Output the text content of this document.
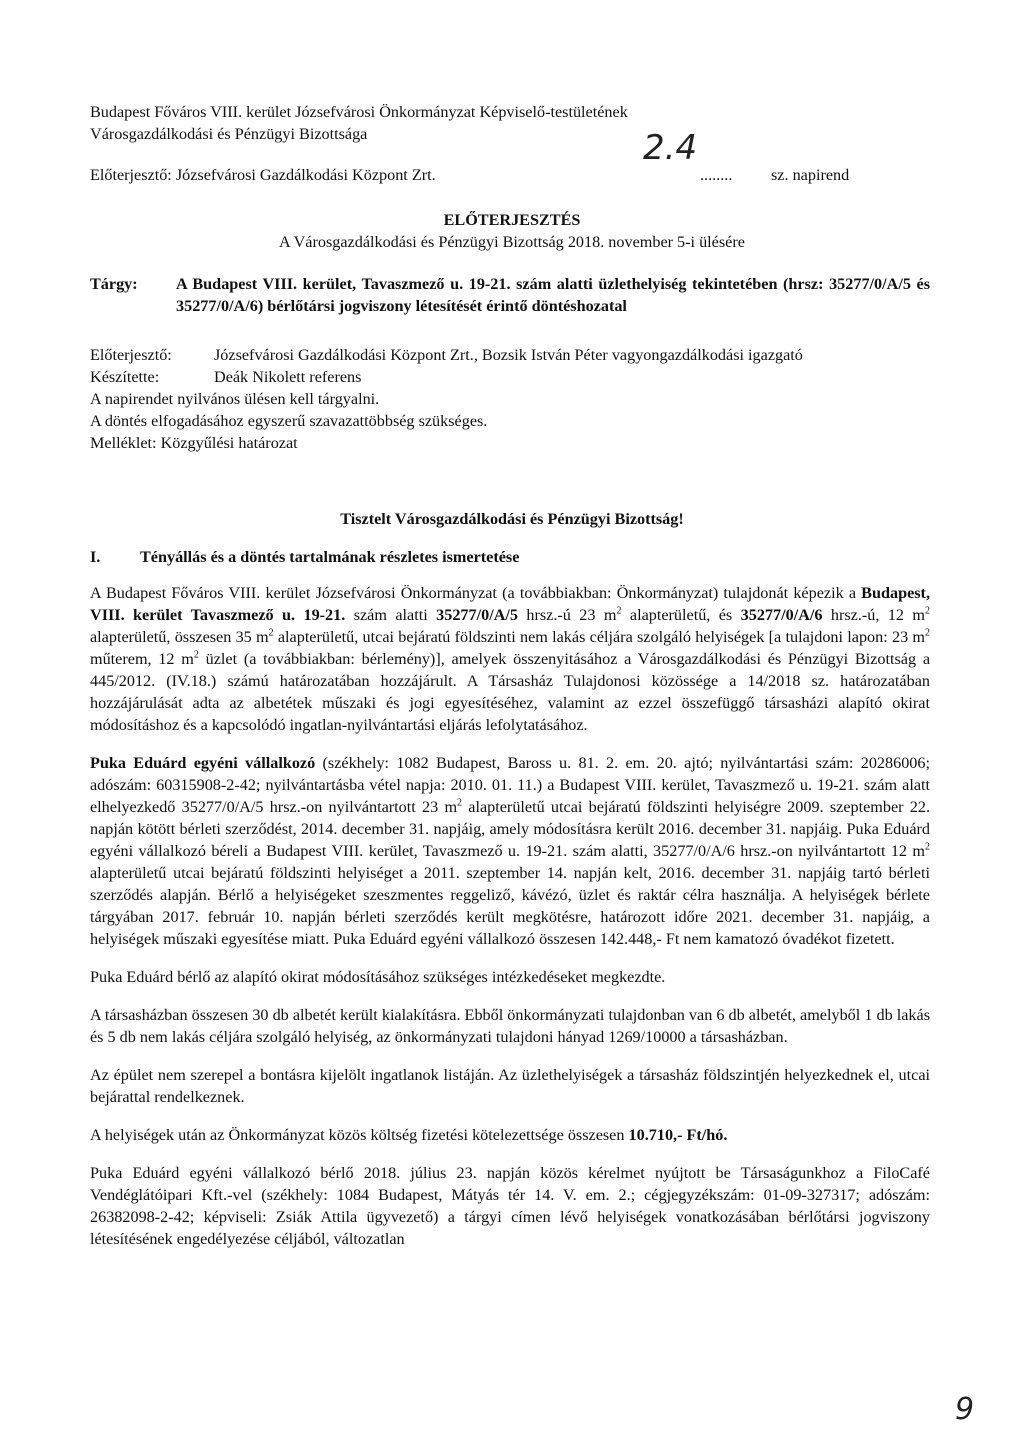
Budapest Főváros VIII. kerület Józsefvárosi Önkormányzat Képviselő-testületének
Városgazdálkodási és Pénzügyi Bizottsága
Előterjesztő: Józsefvárosi Gazdálkodási Központ Zrt.
2.4
........ sz. napirend
ELŐTERJESZTÉS
A Városgazdálkodási és Pénzügyi Bizottság 2018. november 5-i ülésére
Tárgy:	A Budapest VIII. kerület, Tavaszmező u. 19-21. szám alatti üzlethelyiség tekintetében (hrsz: 35277/0/A/5 és 35277/0/A/6) bérlőtársi jogviszony létesítését érintő döntéshozatal
Előterjesztő:	Józsefvárosi Gazdálkodási Központ Zrt., Bozsik István Péter vagyongazdálkodási igazgató
Készítette:	Deák Nikolett referens

A napirendet nyilvános ülésen kell tárgyalni.

A döntés elfogadásához egyszerű szavazattöbbség szükséges.

Melléklet: Közgyűlési határozat

Tisztelt Városgazdálkodási és Pénzügyi Bizottság!
I.	Tényállás és a döntés tartalmának részletes ismertetése

A Budapest Főváros VIII. kerület Józsefvárosi Önkormányzat (a továbbiakban: Önkormányzat) tulajdonát képezik a Budapest, VIII. kerület Tavaszmező u. 19-21. szám alatti 35277/0/A/5 hrsz.-ú 23 $m^2$ alapterületű, és 35277/0/A/6 hrsz.-ú, 12 $m^2$ alapterületű, összesen 35 $m^2$ alapterületű, utcai bejáratú földszinti nem lakás céljára szolgáló helyiségek [a tulajdoni lapon: 23 $m^2$ műterem, 12 $m^2$ üzlet (a továbbiakban: bérlemény)], amelyek összenyitásához a Városgazdálkodási és Pénzügyi Bizottság a 445/2012. (IV.18.) számú határozatában hozzájárult. A Társasház Tulajdonosi közössége a 14/2018 sz. határozatában hozzájárulását adta az albetétek műszaki és jogi egyesítéséhez, valamint az ezzel összefüggő társasházi alapító okirat módosításhoz és a kapcsolódó ingatlan-nyilvántartási eljárás lefolytatásához.

Puka Eduárd egyéni vállalkozó (székhely: 1082 Budapest, Baross u. 81. 2. em. 20. ajtó; nyilvántartási szám: 20286006; adószám: 60315908-2-42; nyilvántartásba vétel napja: 2010. 01. 11.) a Budapest VIII. kerület, Tavaszmező u. 19-21. szám alatt elhelyezkedő 35277/0/A/5 hrsz.-on nyilvántartott 23 $m^2$ alapterületű utcai bejáratú földszinti helyiségre 2009. szeptember 22. napján kötött bérleti szerződést, 2014. december 31. napjáig, amely módosításra került 2016. december 31. napjáig. Puka Eduárd egyéni vállalkozó béreli a Budapest VIII. kerület, Tavaszmező u. 19-21. szám alatti, 35277/0/A/6 hrsz.-on nyilvántartott 12 $m^2$ alapterületű utcai bejáratú földszinti helyiséget a 2011. szeptember 14. napján kelt, 2016. december 31. napjáig tartó bérleti szerződés alapján. Bérlő a helyiségeket szeszmentes reggeliző, kávézó, üzlet és raktár célra használja. A helyiségek bérlete tárgyában 2017. február 10. napján bérleti szerződés került megkötésre, határozott időre 2021. december 31. napjáig, a helyiségek műszaki egyesítése miatt. Puka Eduárd egyéni vállalkozó összesen 142.448,- Ft nem kamatozó óvadékot fizetett.

Puka Eduárd bérlő az alapító okirat módosításához szükséges intézkedéseket megkezdte.

A társasházban összesen 30 db albetét került kialakításra. Ebből önkormányzati tulajdonban van 6 db albetét, amelyből 1 db lakás és 5 db nem lakás céljára szolgáló helyiség, az önkormányzati tulajdoni hányad 1269/10000 a társasházban.

Az épület nem szerepel a bontásra kijelölt ingatlanok listáján. Az üzlethelyiségek a társasház földszintjén helyezkednek el, utcai bejárattal rendelkeznek.

A helyiségek után az Önkormányzat közös költség fizetési kötelezettsége összesen 10.710,- Ft/hó.

Puka Eduárd egyéni vállalkozó bérlő 2018. július 23. napján közös kérelmet nyújtott be Társaságunkhoz a FiloCafé Vendéglátóipari Kft.-vel (székhely: 1084 Budapest, Mátyás tér 14. V. em. 2.; cégjegyzékszám: 01-09-327317; adószám: 26382098-2-42; képviseli: Zsiák Attila ügyvezető) a tárgyi címen lévő helyiségek vonatkozásában bérlőtársi jogviszony létesítésének engedélyezése céljából, változatlan

9
